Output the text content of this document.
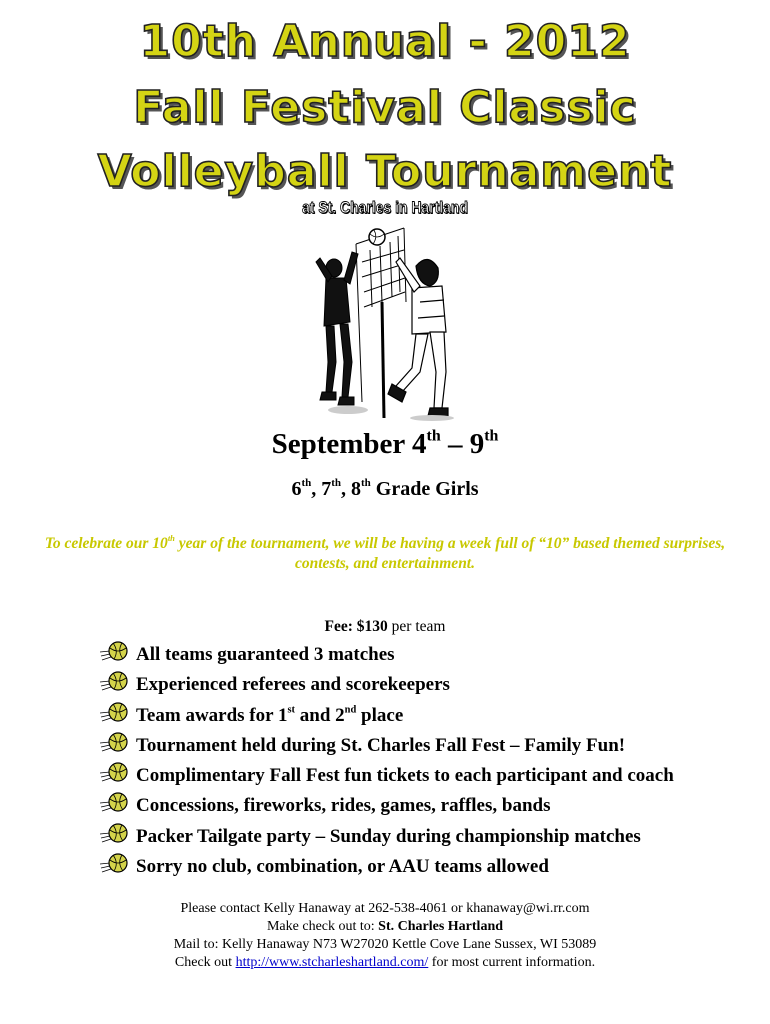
10th Annual - 2012
Fall Festival Classic
Volleyball Tournament
at St. Charles in Hartland
September 4th – 9th
6th, 7th, 8th Grade Girls
To celebrate our 10th year of the tournament, we will be having a week full of “10” based themed surprises, contests, and entertainment.
Fee: $130 per team
All teams guaranteed 3 matches
Experienced referees and scorekeepers
Team awards for 1st and 2nd place
Tournament held during St. Charles Fall Fest – Family Fun!
Complimentary Fall Fest fun tickets to each participant and coach
Concessions, fireworks, rides, games, raffles, bands
Packer Tailgate party – Sunday during championship matches
Sorry no club, combination, or AAU teams allowed
Please contact Kelly Hanaway at 262-538-4061 or khanaway@wi.rr.com
Make check out to: St. Charles Hartland
Mail to: Kelly Hanaway N73 W27020 Kettle Cove Lane Sussex, WI 53089
Check out http://www.stcharleshartland.com/ for most current information.
